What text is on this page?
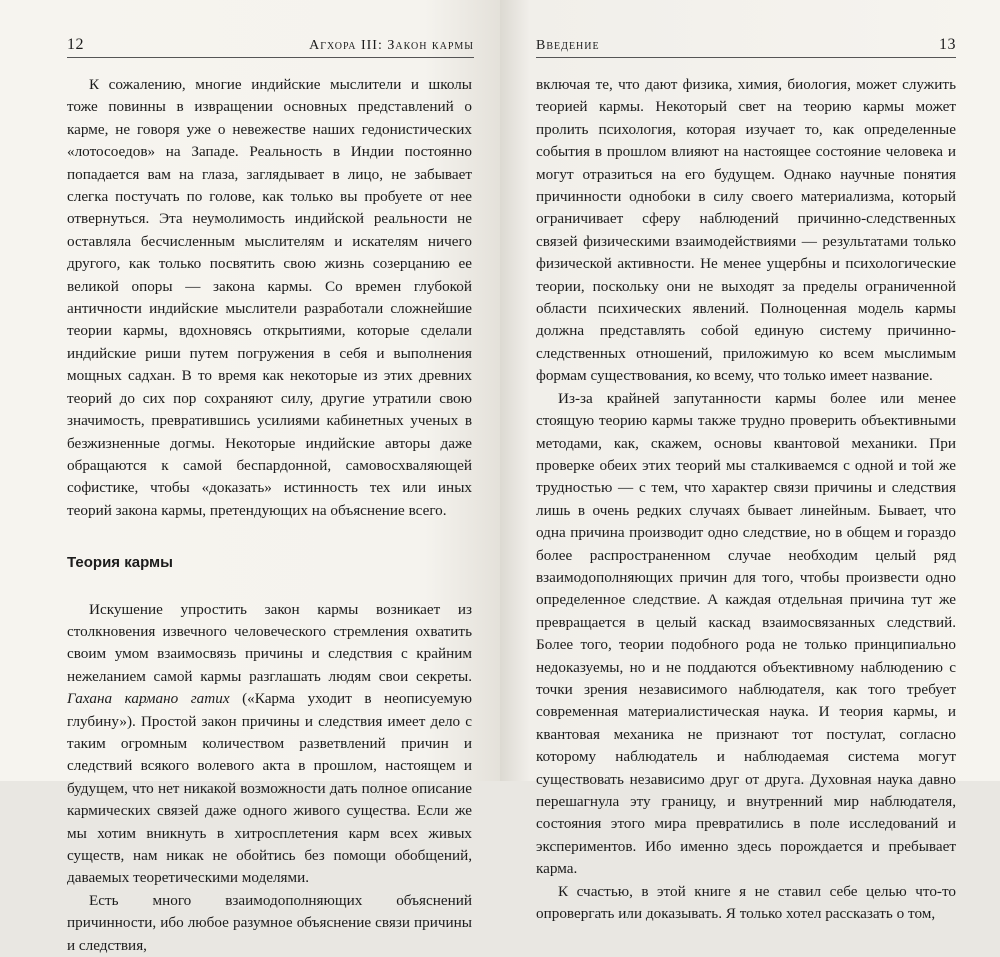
12	Агхора III: Закон кармы

К сожалению, многие индийские мыслители и школы тоже повинны в извращении основных представлений о карме, не говоря уже о невежестве наших гедонистических «лотосоедов» на Западе. Реальность в Индии постоянно попадается вам на глаза, заглядывает в лицо, не забывает слегка постучать по голове, как только вы пробуете от нее отвернуться. Эта неумолимость индийской реальности не оставляла бесчисленным мыслителям и искателям ничего другого, как только посвятить свою жизнь созерцанию ее великой опоры — закона кармы. Со времен глубокой античности индийские мыслители разработали сложнейшие теории кармы, вдохновясь открытиями, которые сделали индийские риши путем погружения в себя и выполнения мощных садхан. В то время как некоторые из этих древних теорий до сих пор сохраняют силу, другие утратили свою значимость, превратившись усилиями кабинетных ученых в безжизненные догмы. Некоторые индийские авторы даже обращаются к самой беспардонной, самовосхваляющей софистике, чтобы «доказать» истинность тех или иных теорий закона кармы, претендующих на объяснение всего.

Теория кармы

Искушение упростить закон кармы возникает из столкновения извечного человеческого стремления охватить своим умом взаимосвязь причины и следствия с крайним нежеланием самой кармы разглашать людям свои секреты. Гахана кармано гатих («Карма уходит в неописуемую глубину»). Простой закон причины и следствия имеет дело с таким огромным количеством разветвлений причин и следствий всякого волевого акта в прошлом, настоящем и будущем, что нет никакой возможности дать полное описание кармических связей даже одного живого существа. Если же мы хотим вникнуть в хитросплетения карм всех живых существ, нам никак не обойтись без помощи обобщений, даваемых теоретическими моделями.

Есть много взаимодополняющих объяснений причинности, ибо любое разумное объяснение связи причины и следствия,

Введение	13

включая те, что дают физика, химия, биология, может служить теорией кармы. Некоторый свет на теорию кармы может пролить психология, которая изучает то, как определенные события в прошлом влияют на настоящее состояние человека и могут отразиться на его будущем. Однако научные понятия причинности однобоки в силу своего материализма, который ограничивает сферу наблюдений причинно-следственных связей физическими взаимодействиями — результатами только физической активности. Не менее ущербны и психологические теории, поскольку они не выходят за пределы ограниченной области психических явлений. Полноценная модель кармы должна представлять собой единую систему причинно-следственных отношений, приложимую ко всем мыслимым формам существования, ко всему, что только имеет название.

Из-за крайней запутанности кармы более или менее стоящую теорию кармы также трудно проверить объективными методами, как, скажем, основы квантовой механики. При проверке обеих этих теорий мы сталкиваемся с одной и той же трудностью — с тем, что характер связи причины и следствия лишь в очень редких случаях бывает линейным. Бывает, что одна причина производит одно следствие, но в общем и гораздо более распространенном случае необходим целый ряд взаимодополняющих причин для того, чтобы произвести одно определенное следствие. А каждая отдельная причина тут же превращается в целый каскад взаимосвязанных следствий. Более того, теории подобного рода не только принципиально недоказуемы, но и не поддаются объективному наблюдению с точки зрения независимого наблюдателя, как того требует современная материалистическая наука. И теория кармы, и квантовая механика не признают тот постулат, согласно которому наблюдатель и наблюдаемая система могут существовать независимо друг от друга. Духовная наука давно перешагнула эту границу, и внутренний мир наблюдателя, состояния этого мира превратились в поле исследований и экспериментов. Ибо именно здесь порождается и пребывает карма.

К счастью, в этой книге я не ставил себе целью что-то опровергать или доказывать. Я только хотел рассказать о том,
